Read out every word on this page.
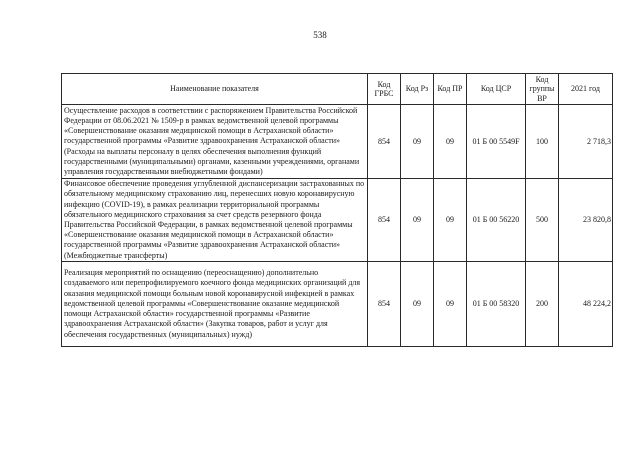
538
Наименование показателя	Код ГРБС	Код Рз	Код ПР	Код ЦСР	Код группы ВР	2021 год
Осуществление расходов в соответствии с распоряжением Правительства Российской Федерации от 08.06.2021 № 1509-р в рамках ведомственной целевой программы «Совершенствование оказания медицинской помощи в Астраханской области» государственной программы «Развитие здравоохранения Астраханской области» (Расходы на выплаты персоналу в целях обеспечения выполнения функций государственными (муниципальными) органами, казенными учреждениями, органами управления государственными внебюджетными фондами)	854	09	09	01 Б 00 5549F	100	2 718,3
Финансовое обеспечение проведения углубленной диспансеризации застрахованных по обязательному медицинскому страхованию лиц, перенесших новую коронавирусную инфекцию (COVID-19), в рамках реализации территориальной программы обязательного медицинского страхования за счет средств резервного фонда Правительства Российской Федерации, в рамках ведомственной целевой программы «Совершенствование оказания медицинской помощи в Астраханской области» государственной программы «Развитие здравоохранения Астраханской области» (Межбюджетные трансферты)	854	09	09	01 Б 00 56220	500	23 820,8
Реализация мероприятий по оснащению (переоснащению) дополнительно создаваемого или перепрофилируемого коечного фонда медицинских организаций для оказания медицинской помощи больным новой коронавирусной инфекцией в рамках ведомственной целевой программы «Совершенствование оказание медицинской помощи Астраханской области» государственной программы «Развитие здравоохранения Астраханской области» (Закупка товаров, работ и услуг для обеспечения государственных (муниципальных) нужд)	854	09	09	01 Б 00 58320	200	48 224,2
